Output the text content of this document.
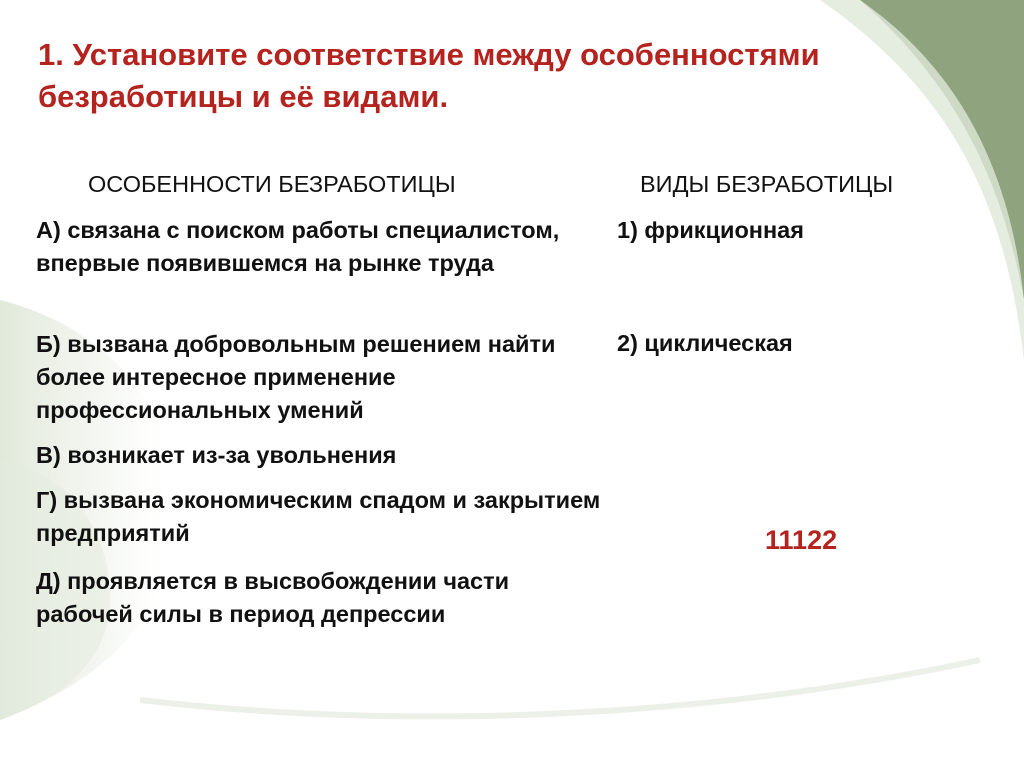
1. Установите соответствие между особенностями безработицы и её видами.
ОСОБЕННОСТИ БЕЗРАБОТИЦЫ	ВИДЫ БЕЗРАБОТИЦЫ
А) связана с поиском работы специалистом, впервые появившемся на рынке труда
Б) вызвана добровольным решением найти более интересное применение профессиональных умений
В) возникает из-за увольнения
Г) вызвана экономическим спадом и закрытием предприятий
Д) проявляется в высвобождении части рабочей силы в период депрессии
1) фрикционная
2) циклическая
11122
